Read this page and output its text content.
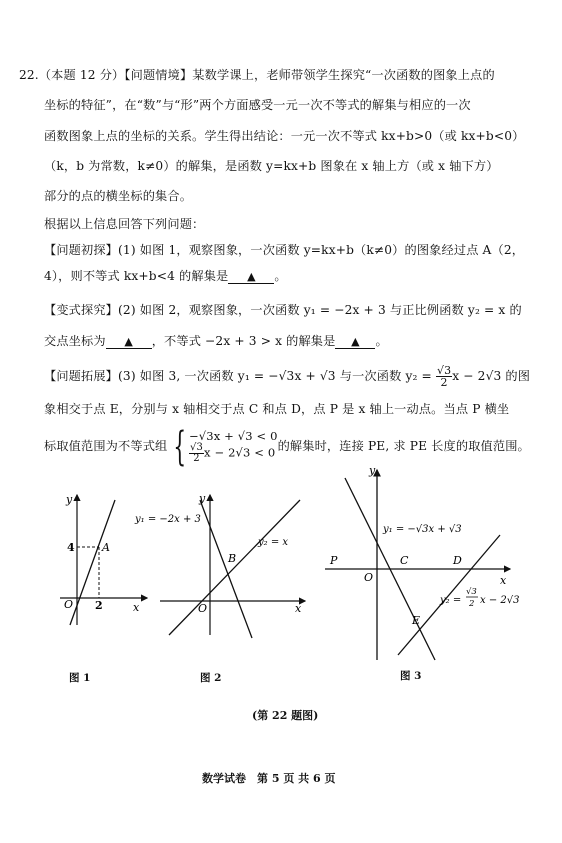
22.（本题 12 分）【问题情境】某数学课上，老师带领学生探究“一次函数的图象上点的
坐标的特征”，在“数”与“形”两个方面感受一元一次不等式的解集与相应的一次
函数图象上点的坐标的关系。学生得出结论：一元一次不等式 kx+b>0（或 kx+b<0）
（k，b 为常数，k≠0）的解集，是函数 y=kx+b 图象在 x 轴上方（或 x 轴下方）
部分的点的横坐标的集合。
根据以上信息回答下列问题：
【问题初探】(1) 如图 1，观察图象，一次函数 y=kx+b（k≠0）的图象经过点 A（2，
4），则不等式 kx+b<4 的解集是 ▲ 。
【变式探究】(2) 如图 2，观察图象，一次函数 y₁ = −2x + 3 与正比例函数 y₂ = x 的
交点坐标为 ▲ ，不等式 −2x + 3 > x 的解集是 ▲ 。
【问题拓展】(3) 如图 3, 一次函数 y₁ = −√3x + √3 与一次函数 $y_2 = \frac{√3}{2}$ x − 2√3 的图
象相交于点 E，分别与 x 轴相交于点 C 和点 D，点 P 是 x 轴上一动点。当点 P 横坐
标取值范围为不等式组 { −√3x + √3 < 0
$\frac{√3}{2}$ x − 2√3 < 0 的解集时，连接 PE, 求 PE 长度的取值范围。
y
x
O
A
4
2
图 1
y
x
O
B
y₁ = −2x + 3
y₂ = x
图 2
y
x
O
P	C	D
E
y₁ = −√3x + √3
y₂ =
√3
2 x − 2√3
图 3
(第 22 题图)
数学试卷　第 5 页 共 6 页
